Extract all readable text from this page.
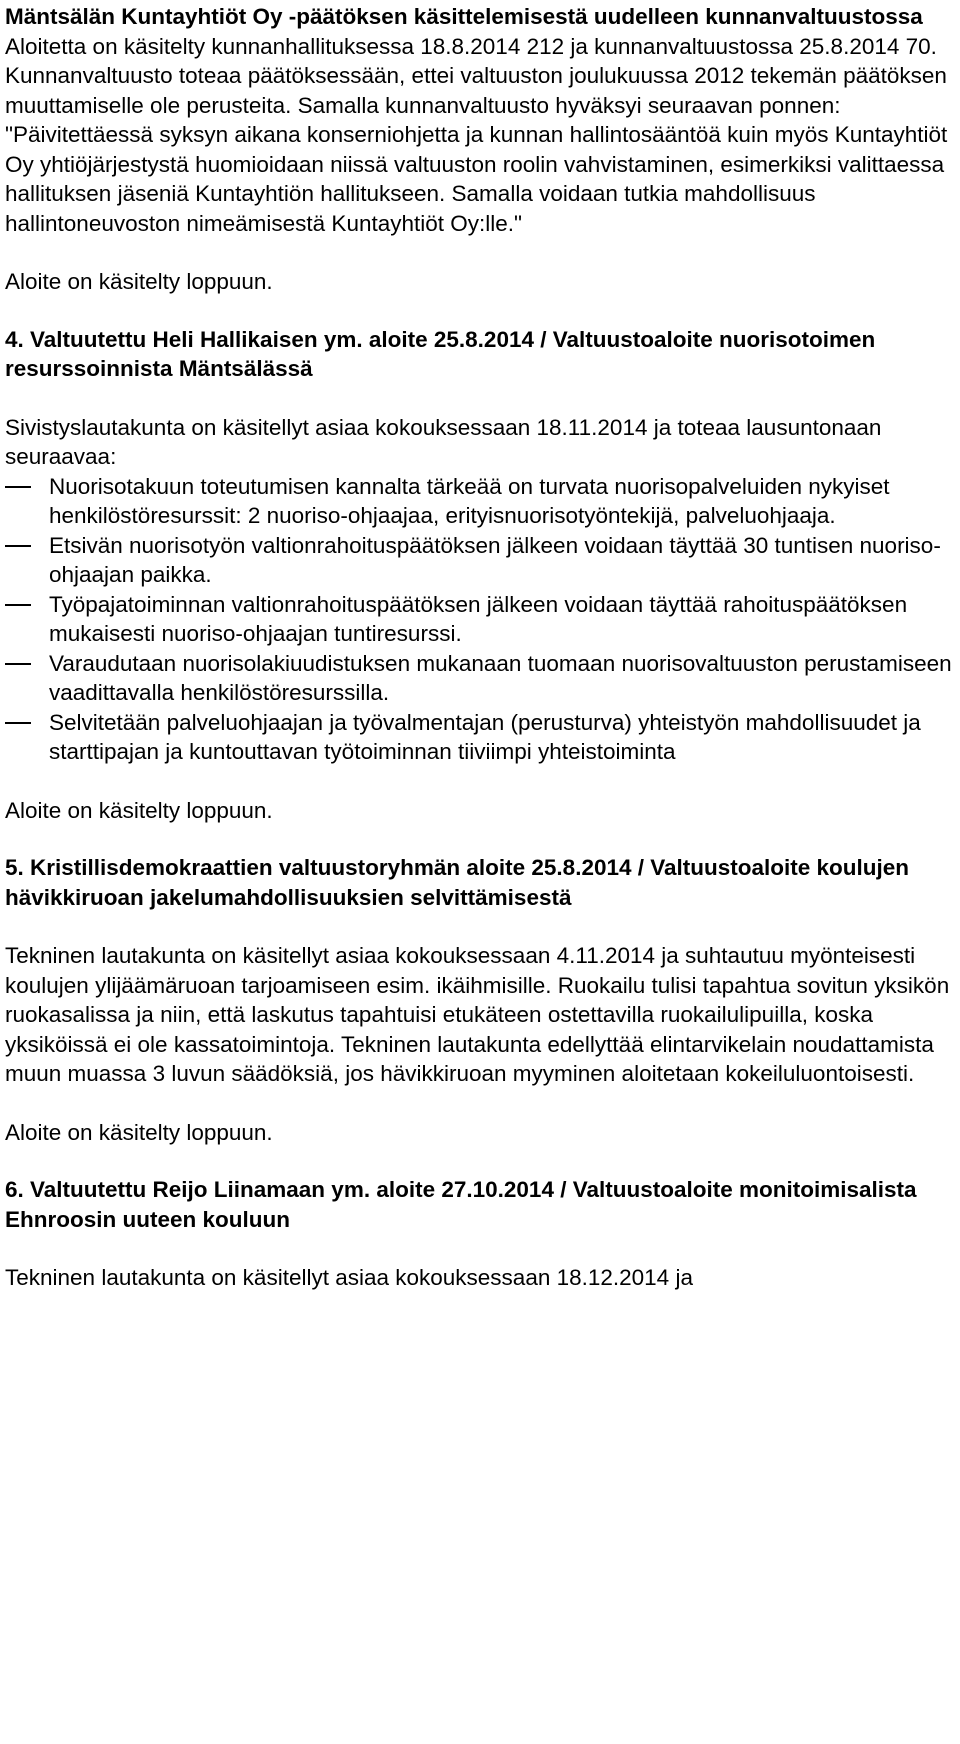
Mäntsälän Kuntayhtiöt Oy -päätöksen käsittelemisestä uudelleen kunnanvaltuustossa

Aloitetta on käsitelty kunnanhallituksessa 18.8.2014 212 ja kunnanvaltuustossa 25.8.2014 70. Kunnanvaltuusto toteaa päätöksessään, ettei valtuuston joulukuussa 2012 tekemän päätöksen muuttamiselle ole perusteita. Samalla kunnanvaltuusto hyväksyi seuraavan ponnen: "Päivitettäessä syksyn aikana konserniohjetta ja kunnan hallintosääntöä kuin myös Kuntayhtiöt Oy yhtiöjärjestystä huomioidaan niissä valtuuston roolin vahvistaminen, esimerkiksi valittaessa hallituksen jäseniä Kuntayhtiön hallitukseen. Samalla voidaan tutkia mahdollisuus hallintoneuvoston nimeämisestä Kuntayhtiöt Oy:lle."

Aloite on käsitelty loppuun.

4. Valtuutettu Heli Hallikaisen ym. aloite 25.8.2014 / Valtuustoaloite nuorisotoimen resurssoinnista Mäntsälässä

Sivistyslautakunta on käsitellyt asiaa kokouksessaan 18.11.2014 ja toteaa lausuntonaan seuraavaa:

Nuorisotakuun toteutumisen kannalta tärkeää on turvata nuorisopalveluiden nykyiset henkilöstöresurssit: 2 nuoriso-ohjaajaa, erityisnuorisotyöntekijä, palveluohjaaja.
Etsivän nuorisotyön valtionrahoituspäätöksen jälkeen voidaan täyttää 30 tuntisen nuoriso-ohjaajan paikka.
Työpajatoiminnan valtionrahoituspäätöksen jälkeen voidaan täyttää rahoituspäätöksen mukaisesti nuoriso-ohjaajan tuntiresurssi.
Varaudutaan nuorisolakiuudistuksen mukanaan tuomaan nuorisovaltuuston perustamiseen vaadittavalla henkilöstöresurssilla.
Selvitetään palveluohjaajan ja työvalmentajan (perusturva) yhteistyön mahdollisuudet ja starttipajan ja kuntouttavan työtoiminnan tiiviimpi yhteistoiminta

Aloite on käsitelty loppuun.

5. Kristillisdemokraattien valtuustoryhmän aloite 25.8.2014 / Valtuustoaloite koulujen hävikkiruoan jakelumahdollisuuksien selvittämisestä

Tekninen lautakunta on käsitellyt asiaa kokouksessaan 4.11.2014 ja suhtautuu myönteisesti koulujen ylijäämäruoan tarjoamiseen esim. ikäihmisille. Ruokailu tulisi tapahtua sovitun yksikön ruokasalissa ja niin, että laskutus tapahtuisi etukäteen ostettavilla ruokailulipuilla, koska yksiköissä ei ole kassatoimintoja. Tekninen lautakunta edellyttää elintarvikelain noudattamista muun muassa 3 luvun säädöksiä, jos hävikkiruoan myyminen aloitetaan kokeiluluontoisesti.

Aloite on käsitelty loppuun.

6. Valtuutettu Reijo Liinamaan ym. aloite 27.10.2014 / Valtuustoaloite monitoimisalista Ehnroosin uuteen kouluun

Tekninen lautakunta on käsitellyt asiaa kokouksessaan 18.12.2014 ja
